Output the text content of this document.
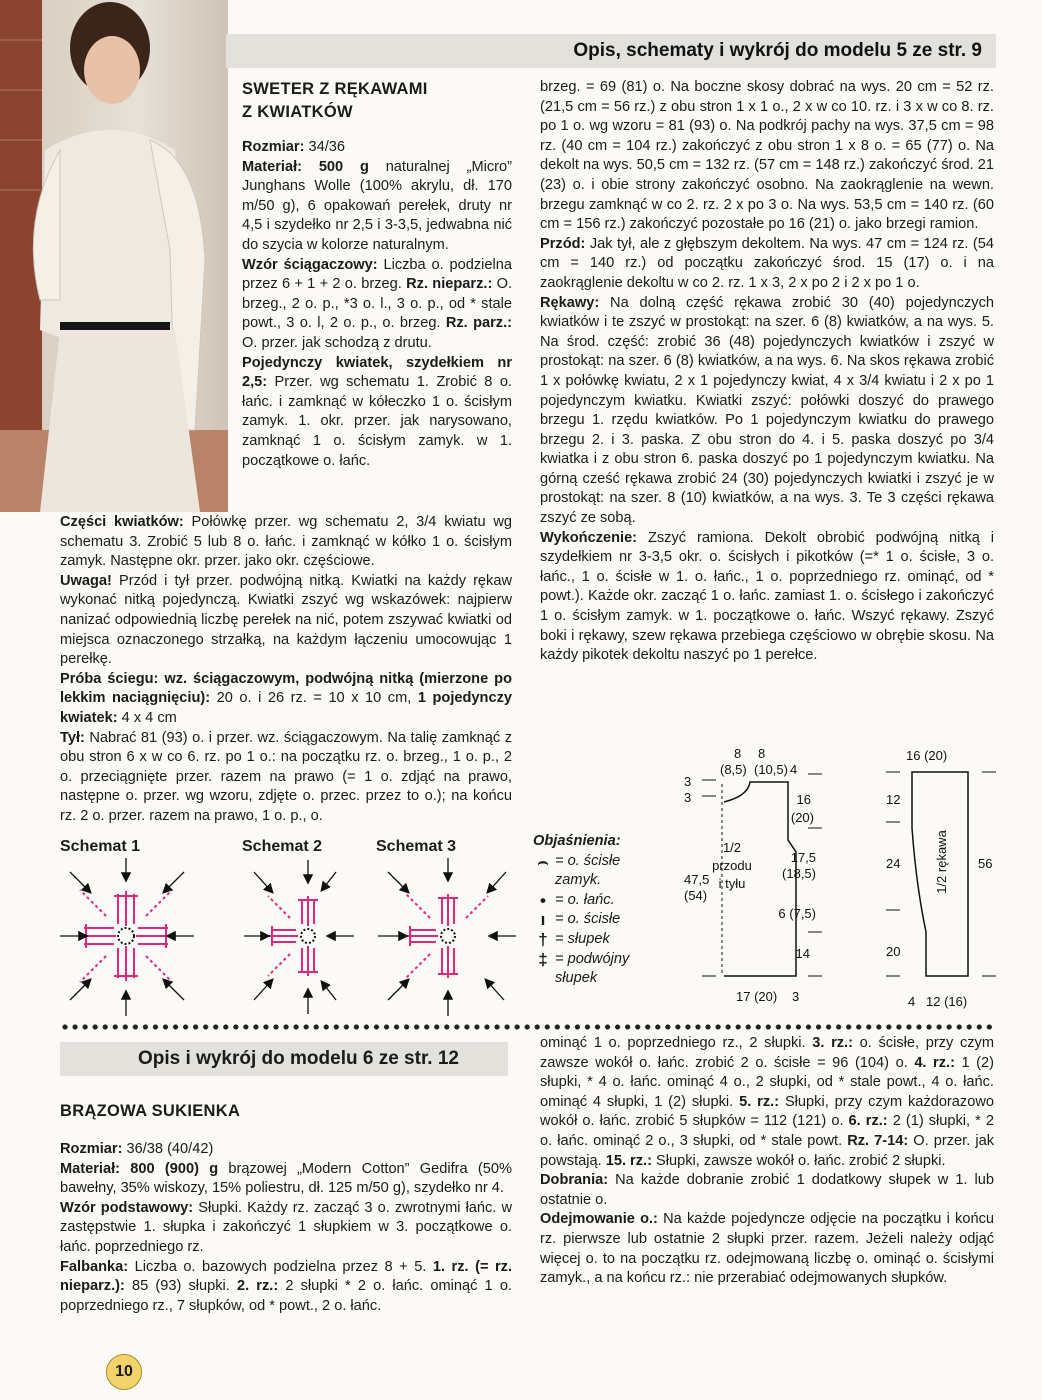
Opis, schematy i wykrój do modelu 5 ze str. 9
SWETER Z RĘKAWAMI
Z KWIATKÓW

Rozmiar: 34/36

Materiał: 500 g naturalnej „Micro” Junghans Wolle (100% akrylu, dł. 170 m/50 g), 6 opakowań perełek, druty nr 4,5 i szydełko nr 2,5 i 3-3,5, jedwabna nić do szycia w kolorze naturalnym.

Wzór ściągaczowy: Liczba o. podzielna przez 6 + 1 + 2 o. brzeg. Rz. nieparz.: O. brzeg., 2 o. p., *3 o. l., 3 o. p., od * stale powt., 3 o. l, 2 o. p., o. brzeg. Rz. parz.: O. przer. jak schodzą z drutu.

Pojedynczy kwiatek, szydełkiem nr 2,5: Przer. wg schematu 1. Zrobić 8 o. łańc. i zamknąć w kółeczko 1 o. ścisłym zamyk. 1. okr. przer. jak narysowano, zamknąć 1 o. ścisłym zamyk. w 1. początkowe o. łańc.

Części kwiatków: Połówkę przer. wg schematu 2, 3/4 kwiatu wg schematu 3. Zrobić 5 lub 8 o. łańc. i zamknąć w kółko 1 o. ścisłym zamyk. Następne okr. przer. jako okr. częściowe.

Uwaga! Przód i tył przer. podwójną nitką. Kwiatki na każdy rękaw wykonać nitką pojedynczą. Kwiatki zszyć wg wskazówek: najpierw nanizać odpowiednią liczbę perełek na nić, potem zszywać kwiatki od miejsca oznaczonego strzałką, na każdym łączeniu umocowując 1 perełkę.

Próba ściegu: wz. ściągaczowym, podwójną nitką (mierzone po lekkim naciągnięciu): 20 o. i 26 rz. = 10 x 10 cm, 1 pojedynczy kwiatek: 4 x 4 cm

Tył: Nabrać 81 (93) o. i przer. wz. ściągaczowym. Na talię zamknąć z obu stron 6 x w co 6. rz. po 1 o.: na początku rz. o. brzeg., 1 o. p., 2 o. przeciągnięte przer. razem na prawo (= 1 o. zdjąć na prawo, następne o. przer. wg wzoru, zdjęte o. przec. przez to o.); na końcu rz. 2 o. przer. razem na prawo, 1 o. p., o.

brzeg. = 69 (81) o. Na boczne skosy dobrać na wys. 20 cm = 52 rz. (21,5 cm = 56 rz.) z obu stron 1 x 1 o., 2 x w co 10. rz. i 3 x w co 8. rz. po 1 o. wg wzoru = 81 (93) o. Na podkrój pachy na wys. 37,5 cm = 98 rz. (40 cm = 104 rz.) zakończyć z obu stron 1 x 8 o. = 65 (77) o. Na dekolt na wys. 50,5 cm = 132 rz. (57 cm = 148 rz.) zakończyć środ. 21 (23) o. i obie strony zakończyć osobno. Na zaokrąglenie na wewn. brzegu zamknąć w co 2. rz. 2 x po 3 o. Na wys. 53,5 cm = 140 rz. (60 cm = 156 rz.) zakończyć pozostałe po 16 (21) o. jako brzegi ramion.

Przód: Jak tył, ale z głębszym dekoltem. Na wys. 47 cm = 124 rz. (54 cm = 140 rz.) od początku zakończyć środ. 15 (17) o. i na zaokrąglenie dekoltu w co 2. rz. 1 x 3, 2 x po 2 i 2 x po 1 o.

Rękawy: Na dolną część rękawa zrobić 30 (40) pojedynczych kwiatków i te zszyć w prostokąt: na szer. 6 (8) kwiatków, a na wys. 5. Na środ. część: zrobić 36 (48) pojedynczych kwiatków i zszyć w prostokąt: na szer. 6 (8) kwiatków, a na wys. 6. Na skos rękawa zrobić 1 x połówkę kwiatu, 2 x 1 pojedynczy kwiat, 4 x 3/4 kwiatu i 2 x po 1 pojedynczym kwiatku. Kwiatki zszyć: połówki doszyć do prawego brzegu 1. rzędu kwiatków. Po 1 pojedynczym kwiatku do prawego brzegu 2. i 3. paska. Z obu stron do 4. i 5. paska doszyć po 3/4 kwiatka i z obu stron 6. paska doszyć po 1 pojedynczym kwiatku. Na górną cześć rękawa zrobić 24 (30) pojedynczych kwiatki i zszyć je w prostokąt: na szer. 8 (10) kwiatków, a na wys. 3. Te 3 części rękawa zszyć ze sobą.

Wykończenie: Zszyć ramiona. Dekolt obrobić podwójną nitką i szydełkiem nr 3-3,5 okr. o. ścisłych i pikotków (=* 1 o. ścisłe, 3 o. łańc., 1 o. ścisłe w 1. o. łańc., 1 o. poprzedniego rz. ominąć, od * powt.). Każde okr. zacząć 1 o. łańc. zamiast 1. o. ścisłego i zakończyć 1 o. ścisłym zamyk. w 1. początkowe o. łańc. Wszyć rękawy. Zszyć boki i rękawy, szew rękawa przebiega częściowo w obrębie skosu. Na każdy pikotek dekoltu naszyć po 1 perełce.

Schemat 1	Schemat 2	Schemat 3	Objaśnienia:
⌢ = o. ścisłe zamyk.
• = o. łańc.
ı = o. ścisłe
† = słupek
‡ = podwójny słupek
8 8
(8,5) (10,5) 4
3
3
47,5
(54)
16
(20)
17,5
(18,5)
6 (7,5)
14
1/2
przodu
i tyłu
17 (20) 3
16 (20)
12
24
20
56
4 12 (16)
1/2 rękawa
Opis i wykrój do modelu 6 ze str. 12
BRĄZOWA SUKIENKA

Rozmiar: 36/38 (40/42)

Materiał: 800 (900) g brązowej „Modern Cotton” Gedifra (50% bawełny, 35% wiskozy, 15% poliestru, dł. 125 m/50 g), szydełko nr 4.

Wzór podstawowy: Słupki. Każdy rz. zacząć 3 o. zwrotnymi łańc. w zastępstwie 1. słupka i zakończyć 1 słupkiem w 3. początkowe o. łańc. poprzedniego rz.

Falbanka: Liczba o. bazowych podzielna przez 8 + 5. 1. rz. (= rz. nieparz.): 85 (93) słupki. 2. rz.: 2 słupki * 2 o. łańc. ominąć 1 o. poprzedniego rz., 7 słupków, od * powt., 2 o. łańc.

ominąć 1 o. poprzedniego rz., 2 słupki. 3. rz.: o. ścisłe, przy czym zawsze wokół o. łańc. zrobić 2 o. ścisłe = 96 (104) o. 4. rz.: 1 (2) słupki, * 4 o. łańc. ominąć 4 o., 2 słupki, od * stale powt., 4 o. łańc. ominąć 4 słupki, 1 (2) słupki. 5. rz.: Słupki, przy czym każdorazowo wokół o. łańc. zrobić 5 słupków = 112 (121) o. 6. rz.: 2 (1) słupki, * 2 o. łańc. ominąć 2 o., 3 słupki, od * stale powt. Rz. 7-14: O. przer. jak powstają. 15. rz.: Słupki, zawsze wokół o. łańc. zrobić 2 słupki.

Dobrania: Na każde dobranie zrobić 1 dodatkowy słupek w 1. lub ostatnie o.

Odejmowanie o.: Na każde pojedyncze odjęcie na początku i końcu rz. pierwsze lub ostatnie 2 słupki przer. razem. Jeżeli należy odjąć więcej o. to na początku rz. odejmowaną liczbę o. ominąć o. ścisłymi zamyk., a na końcu rz.: nie przerabiać odejmowanych słupków.

10
